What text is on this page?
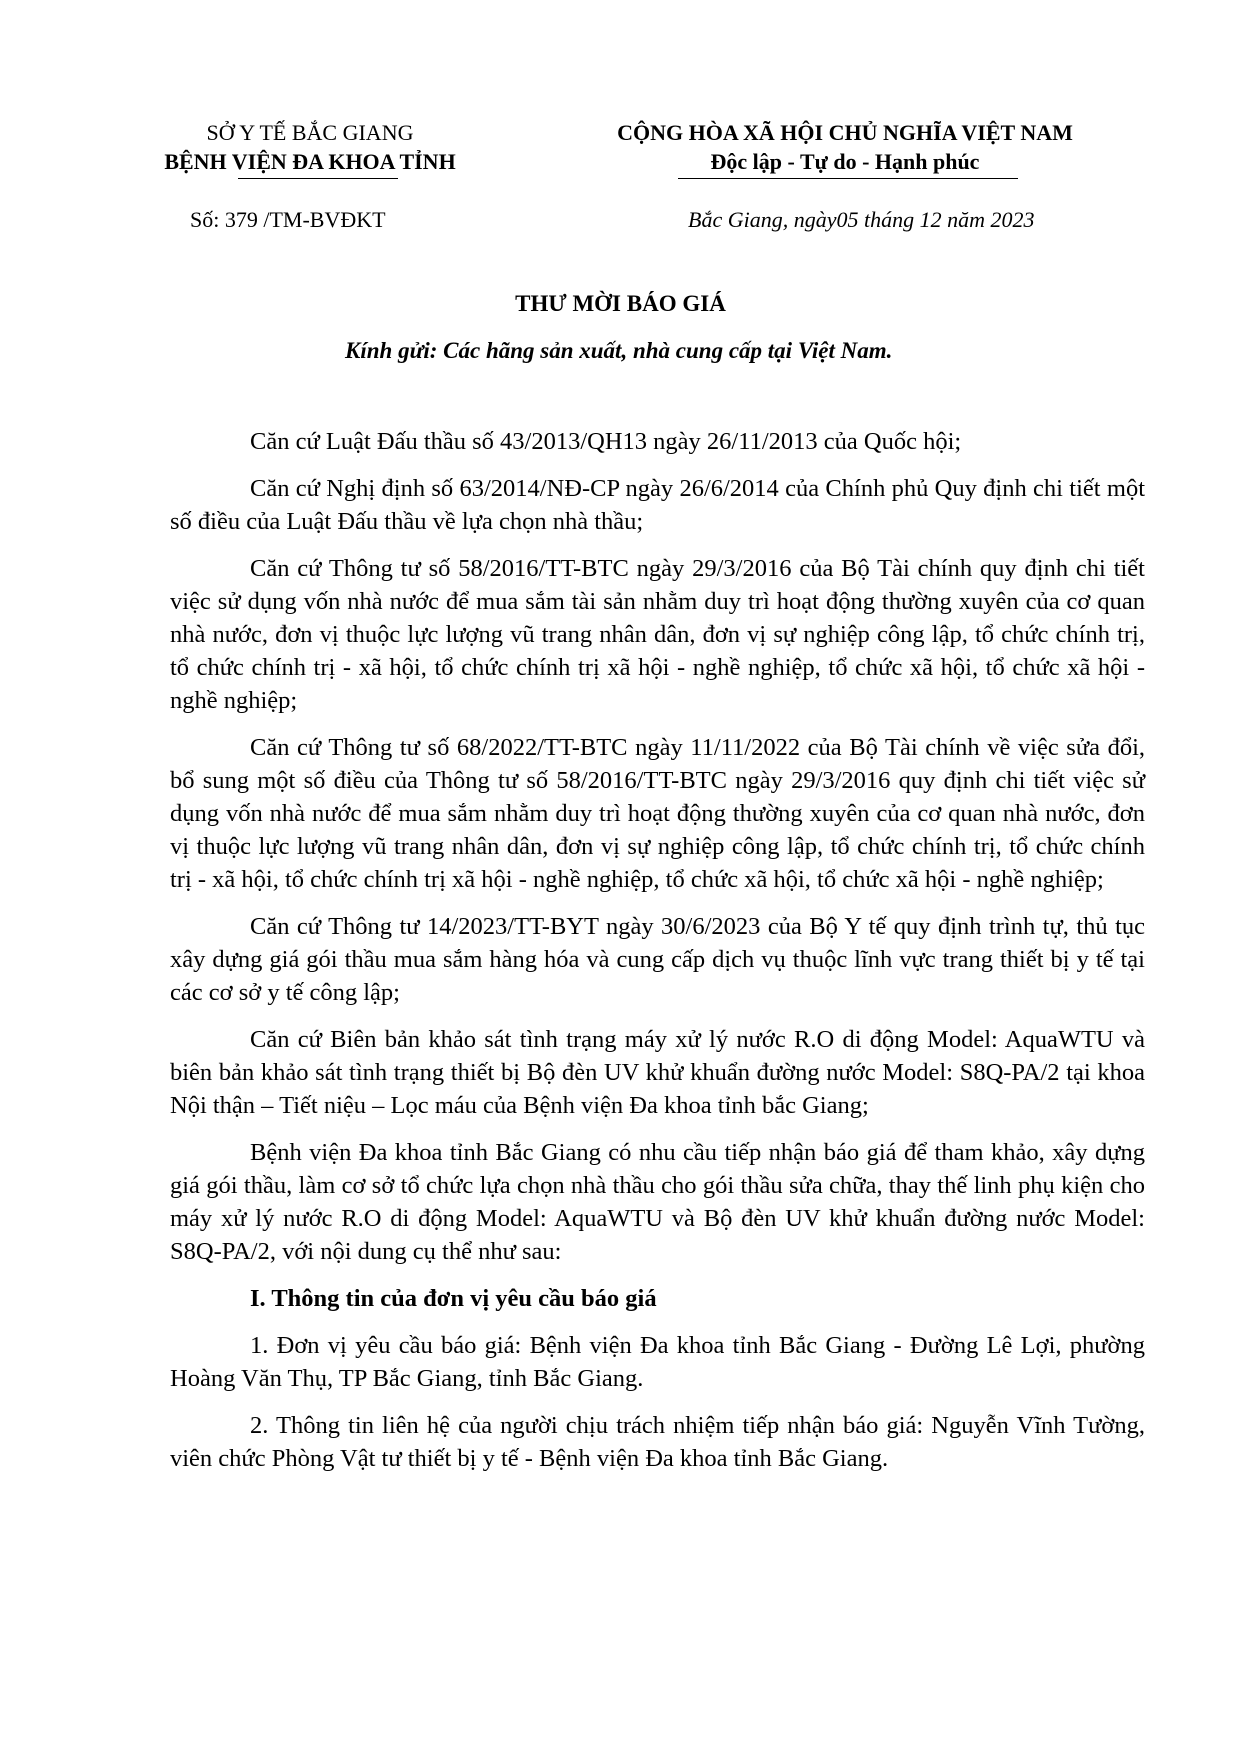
SỞ Y TẾ BẮC GIANG
BỆNH VIỆN ĐA KHOA TỈNH
CỘNG HÒA XÃ HỘI CHỦ NGHĨA VIỆT NAM
Độc lập - Tự do - Hạnh phúc
Số: 379 /TM-BVĐKT	Bắc Giang, ngày05 tháng 12 năm 2023
THƯ MỜI BÁO GIÁ
Kính gửi: Các hãng sản xuất, nhà cung cấp tại Việt Nam.

Căn cứ Luật Đấu thầu số 43/2013/QH13 ngày 26/11/2013 của Quốc hội;

Căn cứ Nghị định số 63/2014/NĐ-CP ngày 26/6/2014 của Chính phủ Quy định chi tiết một số điều của Luật Đấu thầu về lựa chọn nhà thầu;

Căn cứ Thông tư số 58/2016/TT-BTC ngày 29/3/2016 của Bộ Tài chính quy định chi tiết việc sử dụng vốn nhà nước để mua sắm tài sản nhằm duy trì hoạt động thường xuyên của cơ quan nhà nước, đơn vị thuộc lực lượng vũ trang nhân dân, đơn vị sự nghiệp công lập, tổ chức chính trị, tổ chức chính trị - xã hội, tổ chức chính trị xã hội - nghề nghiệp, tổ chức xã hội, tổ chức xã hội - nghề nghiệp;

Căn cứ Thông tư số 68/2022/TT-BTC ngày 11/11/2022 của Bộ Tài chính về việc sửa đổi, bổ sung một số điều của Thông tư số 58/2016/TT-BTC ngày 29/3/2016 quy định chi tiết việc sử dụng vốn nhà nước để mua sắm nhằm duy trì hoạt động thường xuyên của cơ quan nhà nước, đơn vị thuộc lực lượng vũ trang nhân dân, đơn vị sự nghiệp công lập, tổ chức chính trị, tổ chức chính trị - xã hội, tổ chức chính trị xã hội - nghề nghiệp, tổ chức xã hội, tổ chức xã hội - nghề nghiệp;

Căn cứ Thông tư 14/2023/TT-BYT ngày 30/6/2023 của Bộ Y tế quy định trình tự, thủ tục xây dựng giá gói thầu mua sắm hàng hóa và cung cấp dịch vụ thuộc lĩnh vực trang thiết bị y tế tại các cơ sở y tế công lập;

Căn cứ Biên bản khảo sát tình trạng máy xử lý nước R.O di động Model: AquaWTU và biên bản khảo sát tình trạng thiết bị Bộ đèn UV khử khuẩn đường nước Model: S8Q-PA/2 tại khoa Nội thận – Tiết niệu – Lọc máu của Bệnh viện Đa khoa tỉnh bắc Giang;

Bệnh viện Đa khoa tỉnh Bắc Giang có nhu cầu tiếp nhận báo giá để tham khảo, xây dựng giá gói thầu, làm cơ sở tổ chức lựa chọn nhà thầu cho gói thầu sửa chữa, thay thế linh phụ kiện cho máy xử lý nước R.O di động Model: AquaWTU và Bộ đèn UV khử khuẩn đường nước Model: S8Q-PA/2, với nội dung cụ thể như sau:

I. Thông tin của đơn vị yêu cầu báo giá

1. Đơn vị yêu cầu báo giá: Bệnh viện Đa khoa tỉnh Bắc Giang - Đường Lê Lợi, phường Hoàng Văn Thụ, TP Bắc Giang, tỉnh Bắc Giang.

2. Thông tin liên hệ của người chịu trách nhiệm tiếp nhận báo giá: Nguyễn Vĩnh Tường, viên chức Phòng Vật tư thiết bị y tế - Bệnh viện Đa khoa tỉnh Bắc Giang.
